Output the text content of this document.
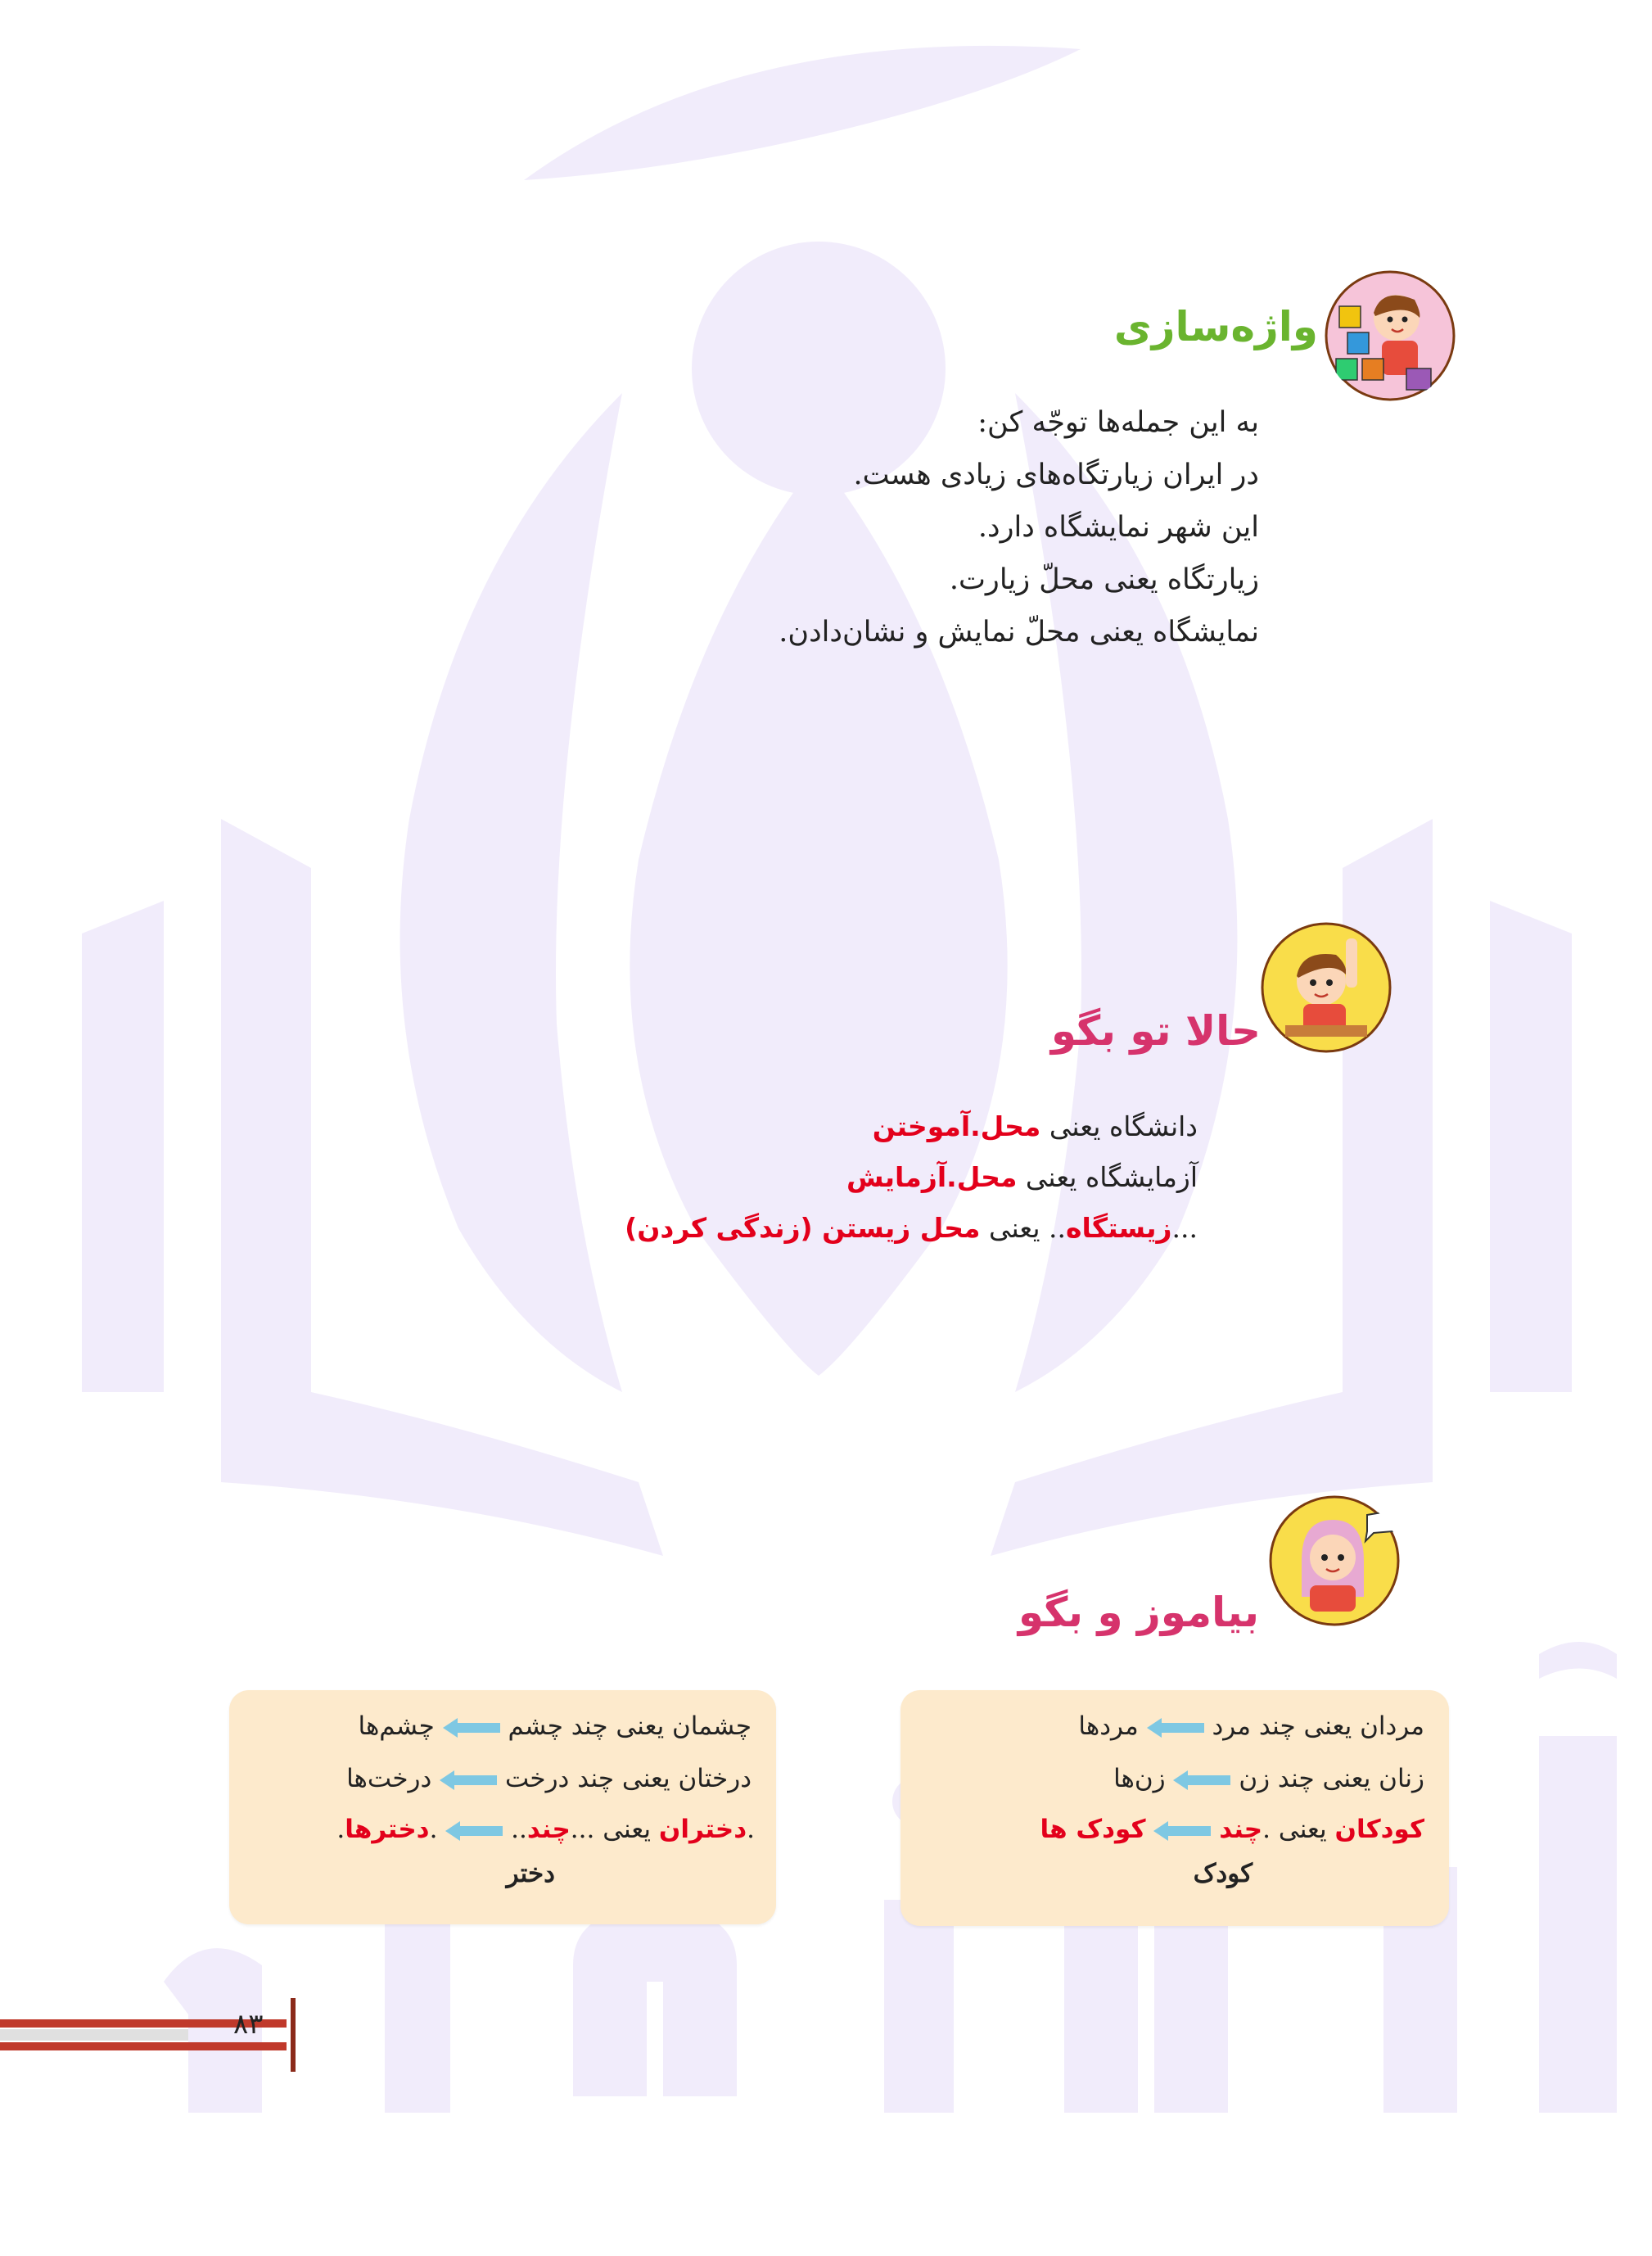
واژه‌سازی
به این جمله‌ها توجّه کن:
در ایران زیارتگاه‌های زیادی هست.
این شهر نمایشگاه دارد.
زیارتگاه یعنی محلّ زیارت.
نمایشگاه یعنی محلّ نمایش و نشان‌دادن.
حالا تو بگو
دانشگاه یعنی محل.آموختن
آزمایشگاه یعنی محل.آزمایش
...زیستگاه.. یعنی محل زیستن (زندگی کردن)
بیاموز و بگو
مردان یعنی چند مرد  مردها
زنان یعنی چند زن  زن‌ها
کودکان یعنی .چند  کودک ها
کودک
چشمان یعنی چند چشم  چشم‌ها
درختان یعنی چند درخت  درخت‌ها
.دختران یعنی ...چند..  .دخترها.
دختر
۸۳
